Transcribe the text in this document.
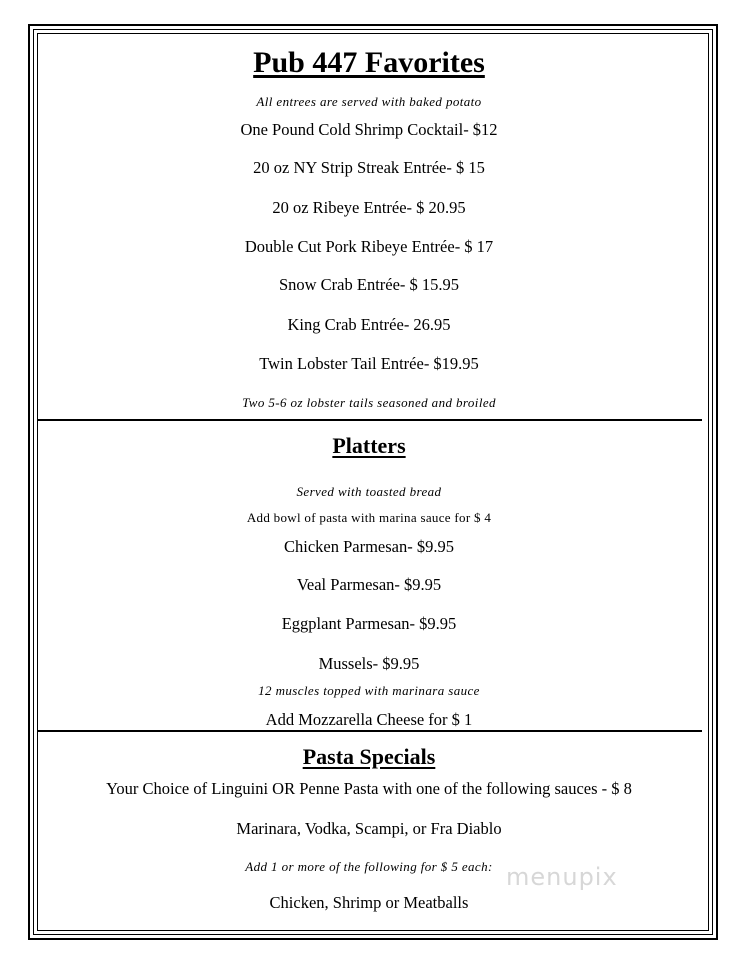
Pub 447 Favorites
All entrees are served with baked potato
One Pound Cold Shrimp Cocktail- $12
20 oz NY Strip Streak Entrée- $ 15
20 oz Ribeye Entrée- $ 20.95
Double Cut Pork Ribeye Entrée- $ 17
Snow Crab Entrée- $ 15.95
King Crab Entrée- 26.95
Twin Lobster Tail Entrée- $19.95
Two 5-6 oz lobster tails seasoned and broiled
Platters
Served with toasted bread
Add bowl of pasta with marina sauce for $ 4
Chicken Parmesan- $9.95
Veal Parmesan- $9.95
Eggplant Parmesan- $9.95
Mussels- $9.95
12 muscles topped with marinara sauce
Add Mozzarella Cheese for $ 1
Pasta Specials
Your Choice of Linguini OR Penne Pasta with one of the following sauces - $ 8
Marinara, Vodka, Scampi, or Fra Diablo
Add 1 or more of the following for $ 5 each:
Chicken, Shrimp or Meatballs
menupix
